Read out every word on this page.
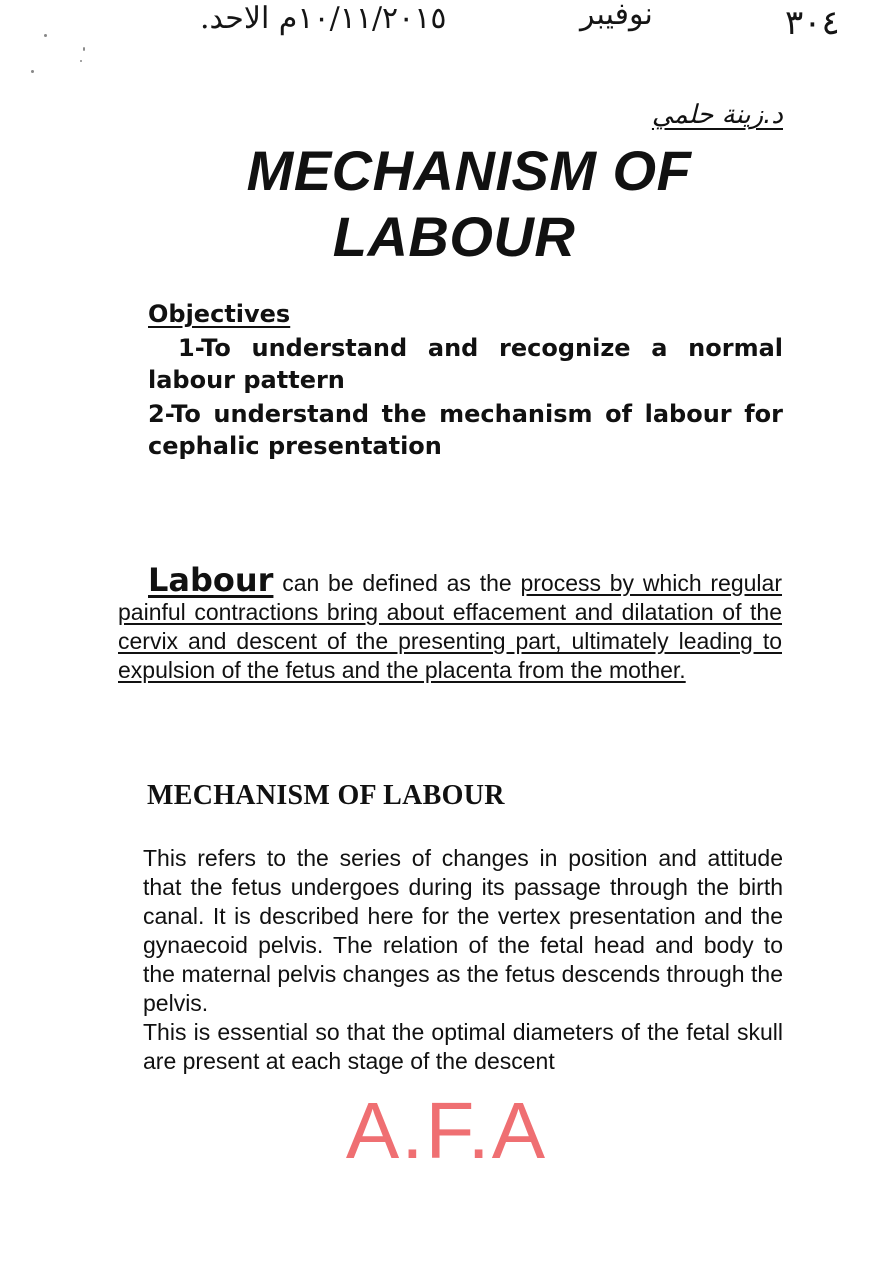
١٠/١١/٢٠١٥م الاحد.	نوفيبر	٣٠٤
د.زينة حلمي
MECHANISM OF
LABOUR
Objectives
1-To understand and recognize a normal labour pattern
2-To understand the mechanism of labour for cephalic presentation

Labour can be defined as the process by which regular painful contractions bring about effacement and dilatation of the cervix and descent of the presenting part, ultimately leading to expulsion of the fetus and the placenta from the mother.

MECHANISM OF LABOUR

This refers to the series of changes in position and attitude that the fetus undergoes during its passage through the birth canal. It is described here for the vertex presentation and the gynaecoid pelvis. The relation of the fetal head and body to the maternal pelvis changes as the fetus descends through the pelvis.

This is essential so that the optimal diameters of the fetal skull are present at each stage of the descent

A.F.A
